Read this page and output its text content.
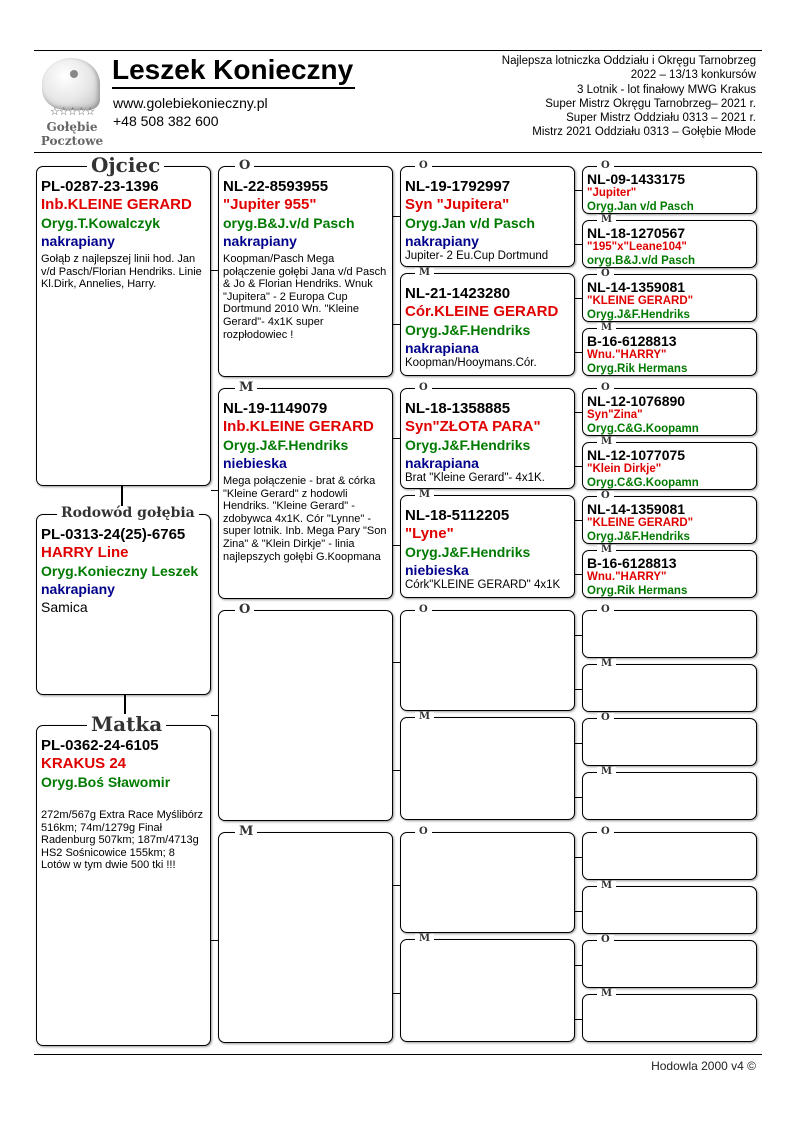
☆☆☆☆☆
Gołębie
Pocztowe
Leszek Konieczny
www.golebiekonieczny.pl
+48 508 382 600
Najlepsza lotniczka Oddziału i Okręgu Tarnobrzeg
2022 – 13/13 konkursów
3 Lotnik - lot finałowy MWG Krakus
Super Mistrz Okręgu Tarnobrzeg– 2021 r.
Super Mistrz Oddziału 0313 – 2021 r.
Mistrz 2021 Oddziału 0313 – Gołębie Młode
Ojciec
PL-0287-23-1396
Inb.KLEINE GERARD
Oryg.T.Kowalczyk
nakrapiany
Gołąb z najlepszej linii hod. Jan v/d Pasch/Florian Hendriks. Linie Kl.Dirk, Annelies, Harry.
Rodowód gołębia
PL-0313-24(25)-6765
HARRY Line
Oryg.Konieczny Leszek
nakrapiany
Samica
Matka
PL-0362-24-6105
KRAKUS 24
Oryg.Boś Sławomir
272m/567g Extra Race Myślibórz 516km; 74m/1279g Finał Radenburg 507km; 187m/4713g HS2 Sośnicowice 155km; 8 Lotów w tym dwie 500 tki !!!
O
NL-22-8593955
"Jupiter 955"
oryg.B&J.v/d Pasch
nakrapiany
Koopman/Pasch Mega połączenie gołębi Jana v/d Pasch & Jo & Florian Hendriks. Wnuk "Jupitera" - 2 Europa Cup Dortmund 2010 Wn. "Kleine Gerard"- 4x1K super rozpłodowiec !
M
NL-19-1149079
Inb.KLEINE GERARD
Oryg.J&F.Hendriks
niebieska
Mega połączenie - brat & córka "Kleine Gerard" z hodowli Hendriks. "Kleine Gerard" - zdobywca 4x1K. Cór "Lynne" - super lotnik. Inb. Mega Pary "Son Zina" & "Klein Dirkje" - linia najlepszych gołębi G.Koopmana
O
M
O
NL-19-1792997
Syn "Jupitera"
Oryg.Jan v/d Pasch
nakrapiany
Jupiter- 2 Eu.Cup Dortmund
M
NL-21-1423280
Cór.KLEINE GERARD
Oryg.J&F.Hendriks
nakrapiana
Koopman/Hooymans.Cór.
O
NL-18-1358885
Syn"ZŁOTA PARA"
Oryg.J&F.Hendriks
nakrapiana
Brat "Kleine Gerard"- 4x1K.
M
NL-18-5112205
"Lyne"
Oryg.J&F.Hendriks
niebieska
Córk"KLEINE GERARD" 4x1K
O
M
O
M
O
NL-09-1433175
"Jupiter"
Oryg.Jan v/d Pasch
M
NL-18-1270567
"195"x"Leane104"
oryg.B&J.v/d Pasch
O
NL-14-1359081
"KLEINE GERARD"
Oryg.J&F.Hendriks
M
B-16-6128813
Wnu."HARRY"
Oryg.Rik Hermans
O
NL-12-1076890
Syn"Zina"
Oryg.C&G.Koopamn
M
NL-12-1077075
"Klein Dirkje"
Oryg.C&G.Koopamn
O
NL-14-1359081
"KLEINE GERARD"
Oryg.J&F.Hendriks
M
B-16-6128813
Wnu."HARRY"
Oryg.Rik Hermans
O
M
O
M
O
M
O
M
Hodowla 2000 v4 ©
